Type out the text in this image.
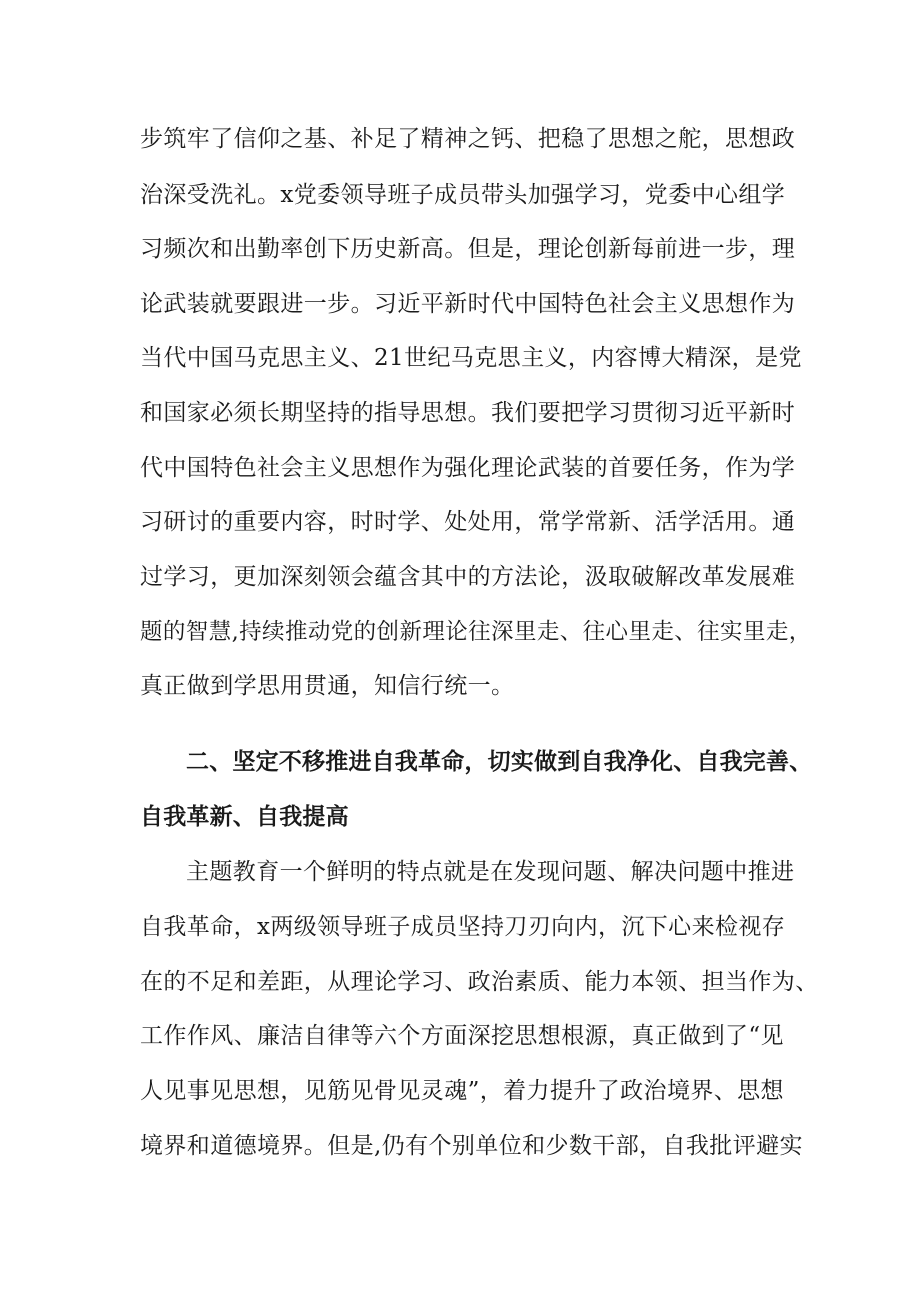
步筑牢了信仰之基、补足了精神之钙、把稳了思想之舵，思想政
治深受洗礼。x党委领导班子成员带头加强学习，党委中心组学
习频次和出勤率创下历史新高。但是，理论创新每前进一步，理
论武装就要跟进一步。习近平新时代中国特色社会主义思想作为
当代中国马克思主义、21世纪马克思主义，内容博大精深，是党
和国家必须长期坚持的指导思想。我们要把学习贯彻习近平新时
代中国特色社会主义思想作为强化理论武装的首要任务，作为学
习研讨的重要内容，时时学、处处用，常学常新、活学活用。通
过学习，更加深刻领会蕴含其中的方法论，汲取破解改革发展难
题的智慧,持续推动党的创新理论往深里走、往心里走、往实里走，
真正做到学思用贯通，知信行统一。
二、坚定不移推进自我革命，切实做到自我净化、自我完善、
自我革新、自我提高
主题教育一个鲜明的特点就是在发现问题、解决问题中推进
自我革命，x两级领导班子成员坚持刀刃向内，沉下心来检视存
在的不足和差距，从理论学习、政治素质、能力本领、担当作为、
工作作风、廉洁自律等六个方面深挖思想根源，真正做到了“见
人见事见思想，见筋见骨见灵魂”，着力提升了政治境界、思想
境界和道德境界。但是,仍有个别单位和少数干部，自我批评避实
